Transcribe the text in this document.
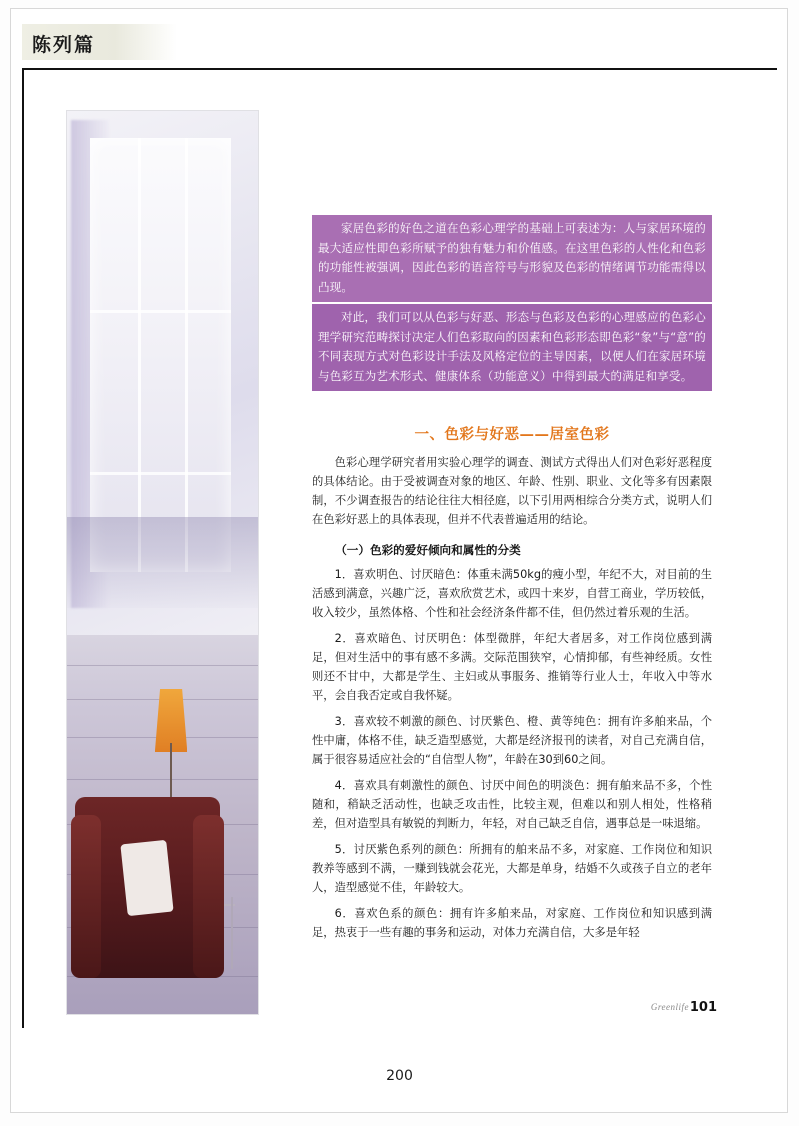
陈列篇

家居色彩的好色之道在色彩心理学的基础上可表述为：人与家居环境的最大适应性即色彩所赋予的独有魅力和价值感。在这里色彩的人性化和色彩的功能性被强调，因此色彩的语音符号与形貌及色彩的情绪调节功能需得以凸现。

对此，我们可以从色彩与好恶、形态与色彩及色彩的心理感应的色彩心理学研究范畴探讨决定人们色彩取向的因素和色彩形态即色彩“象”与“意”的不同表现方式对色彩设计手法及风格定位的主导因素，以便人们在家居环境与色彩互为艺术形式、健康体系（功能意义）中得到最大的满足和享受。

一、色彩与好恶——居室色彩

色彩心理学研究者用实验心理学的调查、测试方式得出人们对色彩好恶程度的具体结论。由于受被调查对象的地区、年龄、性别、职业、文化等多有因素限制，不少调查报告的结论往往大相径庭，以下引用两相综合分类方式，说明人们在色彩好恶上的具体表现，但并不代表普遍适用的结论。

（一）色彩的爱好倾向和属性的分类

1．喜欢明色、讨厌暗色：体重未满50kg的瘦小型，年纪不大，对目前的生活感到满意，兴趣广泛，喜欢欣赏艺术，或四十来岁，自营工商业，学历较低，收入较少，虽然体格、个性和社会经济条件都不佳，但仍然过着乐观的生活。

2．喜欢暗色、讨厌明色：体型微胖，年纪大者居多，对工作岗位感到满足，但对生活中的事有感不多满。交际范围狭窄，心情抑郁，有些神经质。女性则还不甘中，大都是学生、主妇或从事服务、推销等行业人士，年收入中等水平，会自我否定或自我怀疑。

3．喜欢较不刺激的颜色、讨厌紫色、橙、黄等纯色：拥有许多舶来品，个性中庸，体格不佳，缺乏造型感觉，大都是经济报刊的读者，对自己充满自信，属于很容易适应社会的“自信型人物”，年龄在30到60之间。

4．喜欢具有刺激性的颜色、讨厌中间色的明淡色：拥有舶来品不多，个性随和，稍缺乏活动性，也缺乏攻击性，比较主观，但难以和别人相处，性格稍差，但对造型具有敏锐的判断力，年轻，对自己缺乏自信，遇事总是一味退缩。

5．讨厌紫色系列的颜色：所拥有的舶来品不多，对家庭、工作岗位和知识教养等感到不满，一赚到钱就会花光，大都是单身，结婚不久或孩子自立的老年人，造型感觉不佳，年龄较大。

6．喜欢色系的颜色：拥有许多舶来品，对家庭、工作岗位和知识感到满足，热衷于一些有趣的事务和运动，对体力充满自信，大多是年轻

Greenlife 101
200
